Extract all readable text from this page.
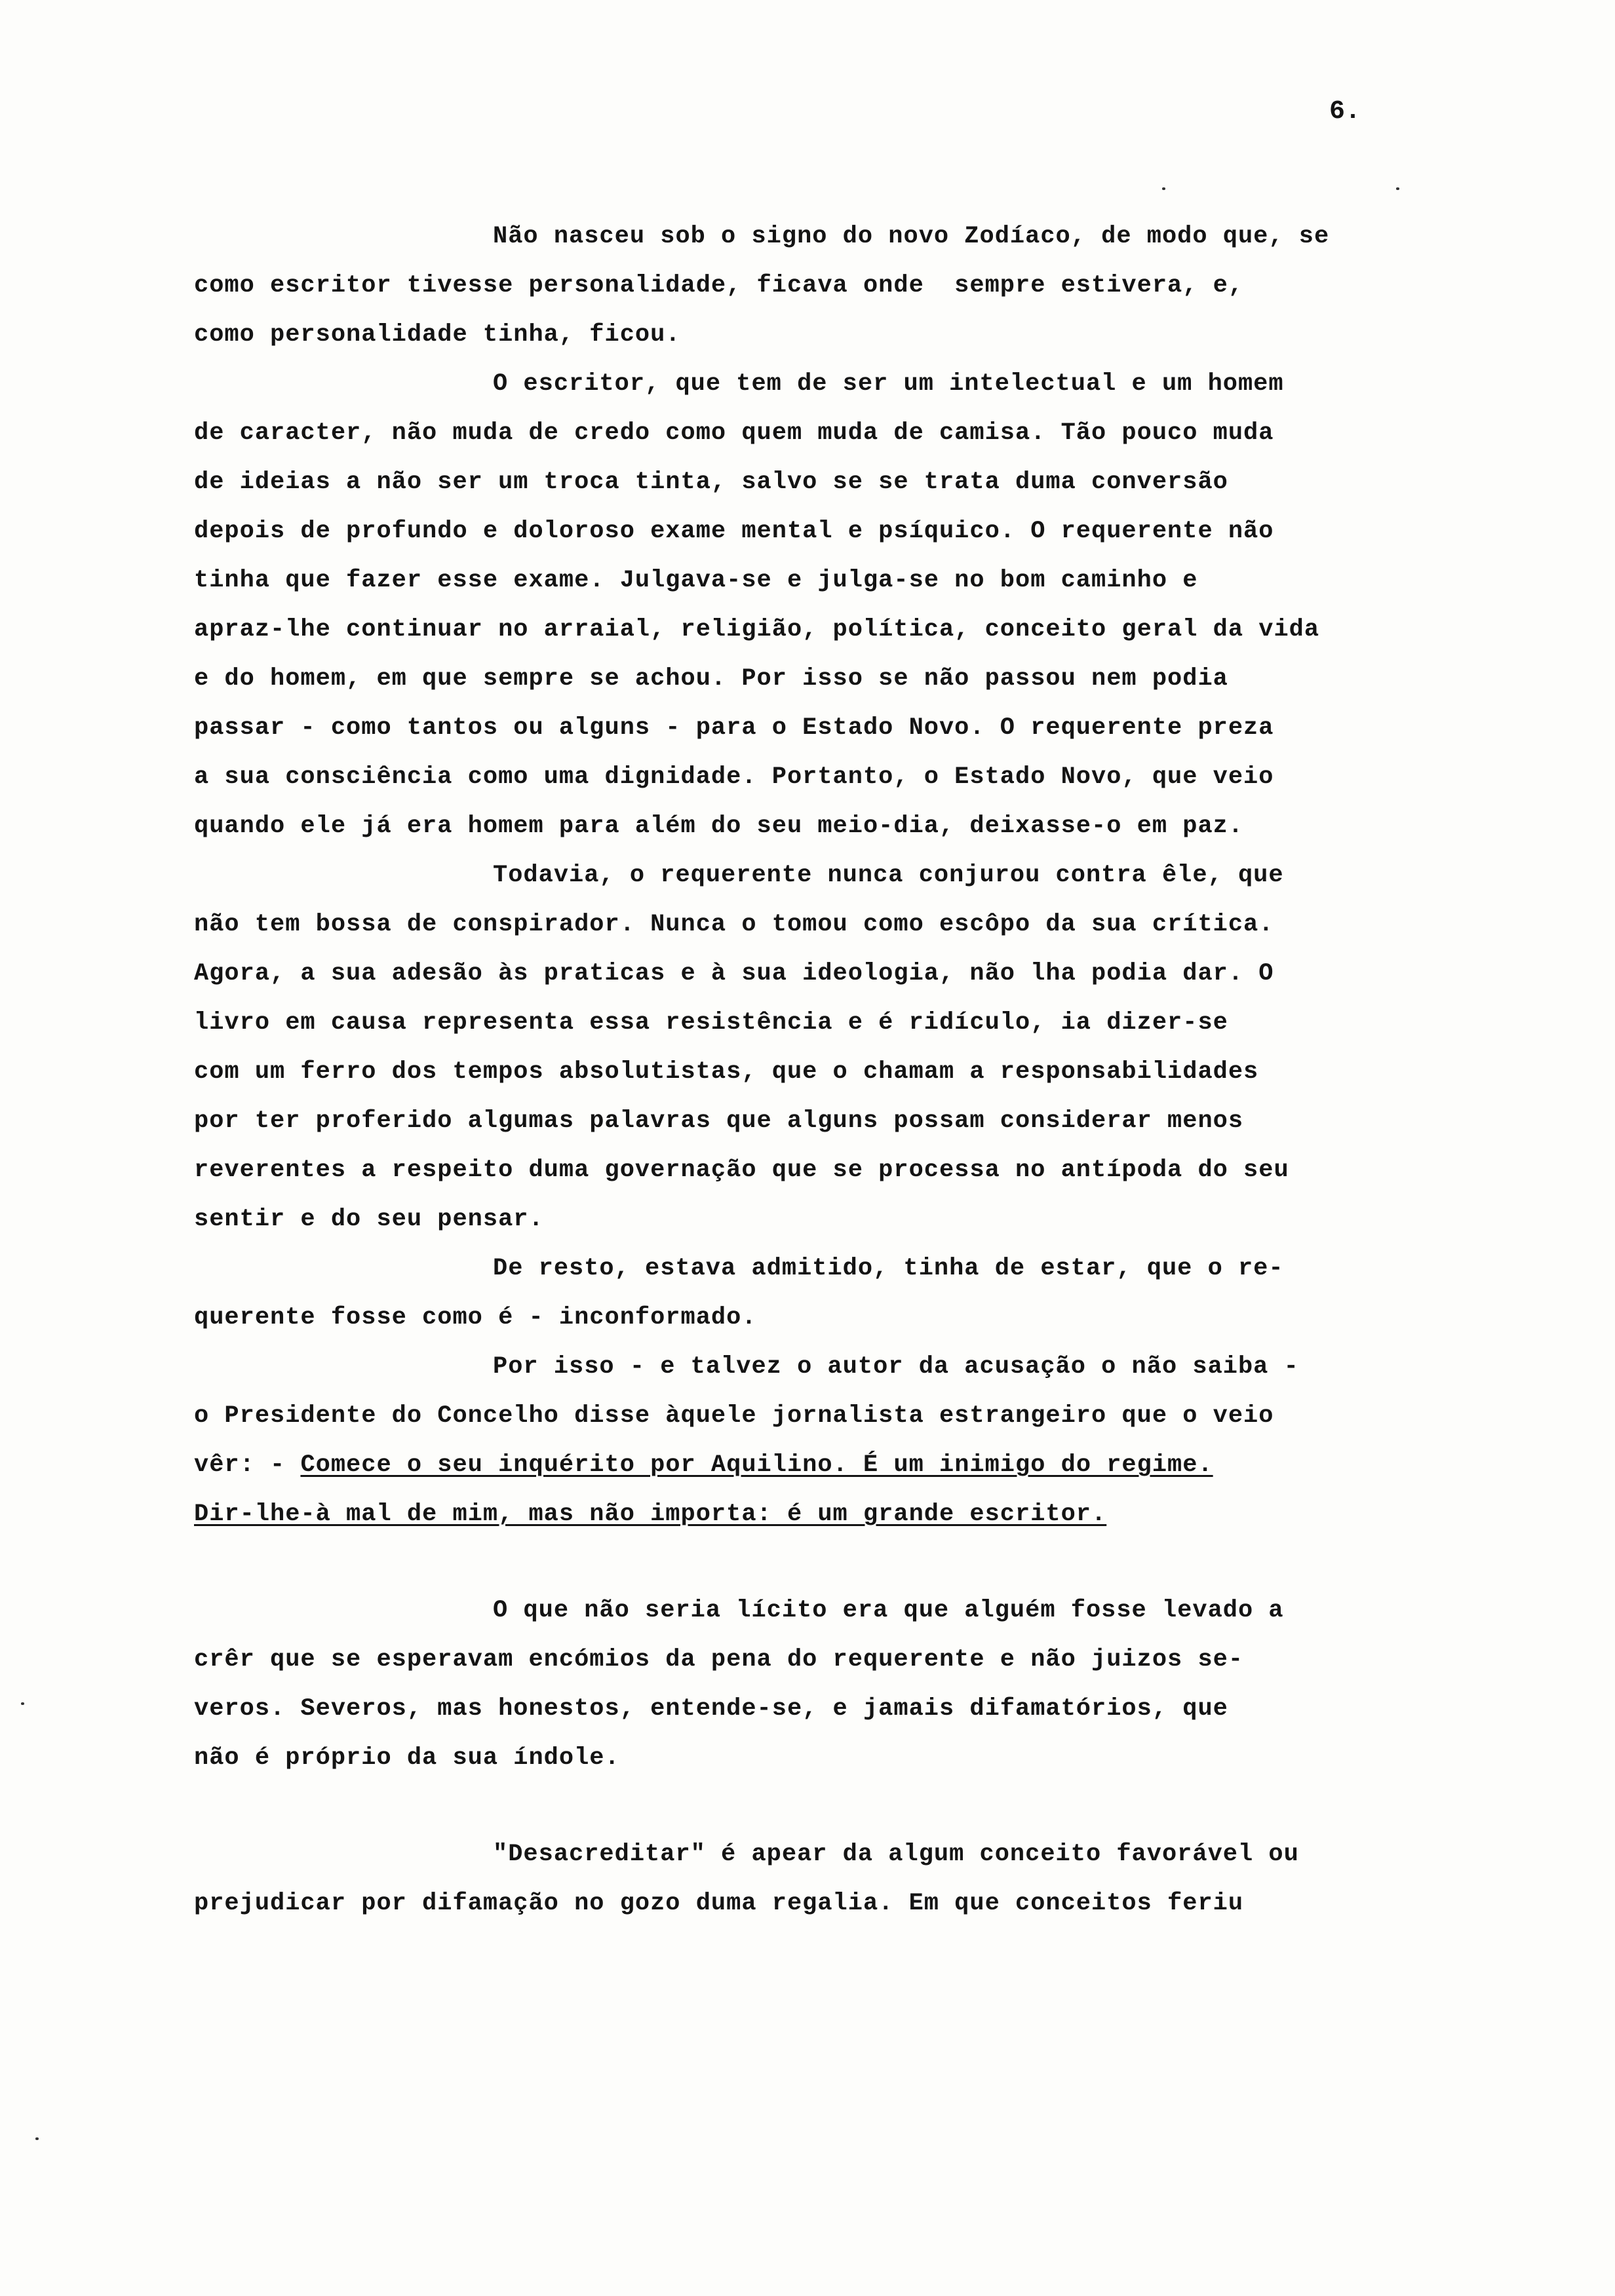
6.
Não nasceu sob o signo do novo Zodíaco, de modo que, se
como escritor tivesse personalidade, ficava onde  sempre estivera, e,
como personalidade tinha, ficou.
O escritor, que tem de ser um intelectual e um homem
de caracter, não muda de credo como quem muda de camisa. Tão pouco muda
de ideias a não ser um troca tinta, salvo se se trata duma conversão
depois de profundo e doloroso exame mental e psíquico. O requerente não
tinha que fazer esse exame. Julgava-se e julga-se no bom caminho e
apraz-lhe continuar no arraial, religião, política, conceito geral da vida
e do homem, em que sempre se achou. Por isso se não passou nem podia
passar - como tantos ou alguns - para o Estado Novo. O requerente preza
a sua consciência como uma dignidade. Portanto, o Estado Novo, que veio
quando ele já era homem para além do seu meio-dia, deixasse-o em paz.
Todavia, o requerente nunca conjurou contra êle, que
não tem bossa de conspirador. Nunca o tomou como escôpo da sua crítica.
Agora, a sua adesão às praticas e à sua ideologia, não lha podia dar. O
livro em causa representa essa resistência e é ridículo, ia dizer-se
com um ferro dos tempos absolutistas, que o chamam a responsabilidades
por ter proferido algumas palavras que alguns possam considerar menos
reverentes a respeito duma governação que se processa no antípoda do seu
sentir e do seu pensar.
De resto, estava admitido, tinha de estar, que o re-
querente fosse como é - inconformado.
Por isso - e talvez o autor da acusação o não saiba -
o Presidente do Concelho disse àquele jornalista estrangeiro que o veio
vêr: - Comece o seu inquérito por Aquilino. É um inimigo do regime.
Dir-lhe-à mal de mim, mas não importa: é um grande escritor.
O que não seria lícito era que alguém fosse levado a
crêr que se esperavam encómios da pena do requerente e não juizos se-
veros. Severos, mas honestos, entende-se, e jamais difamatórios, que
não é próprio da sua índole.
"Desacreditar" é apear da algum conceito favorável ou
prejudicar por difamação no gozo duma regalia. Em que conceitos feriu
